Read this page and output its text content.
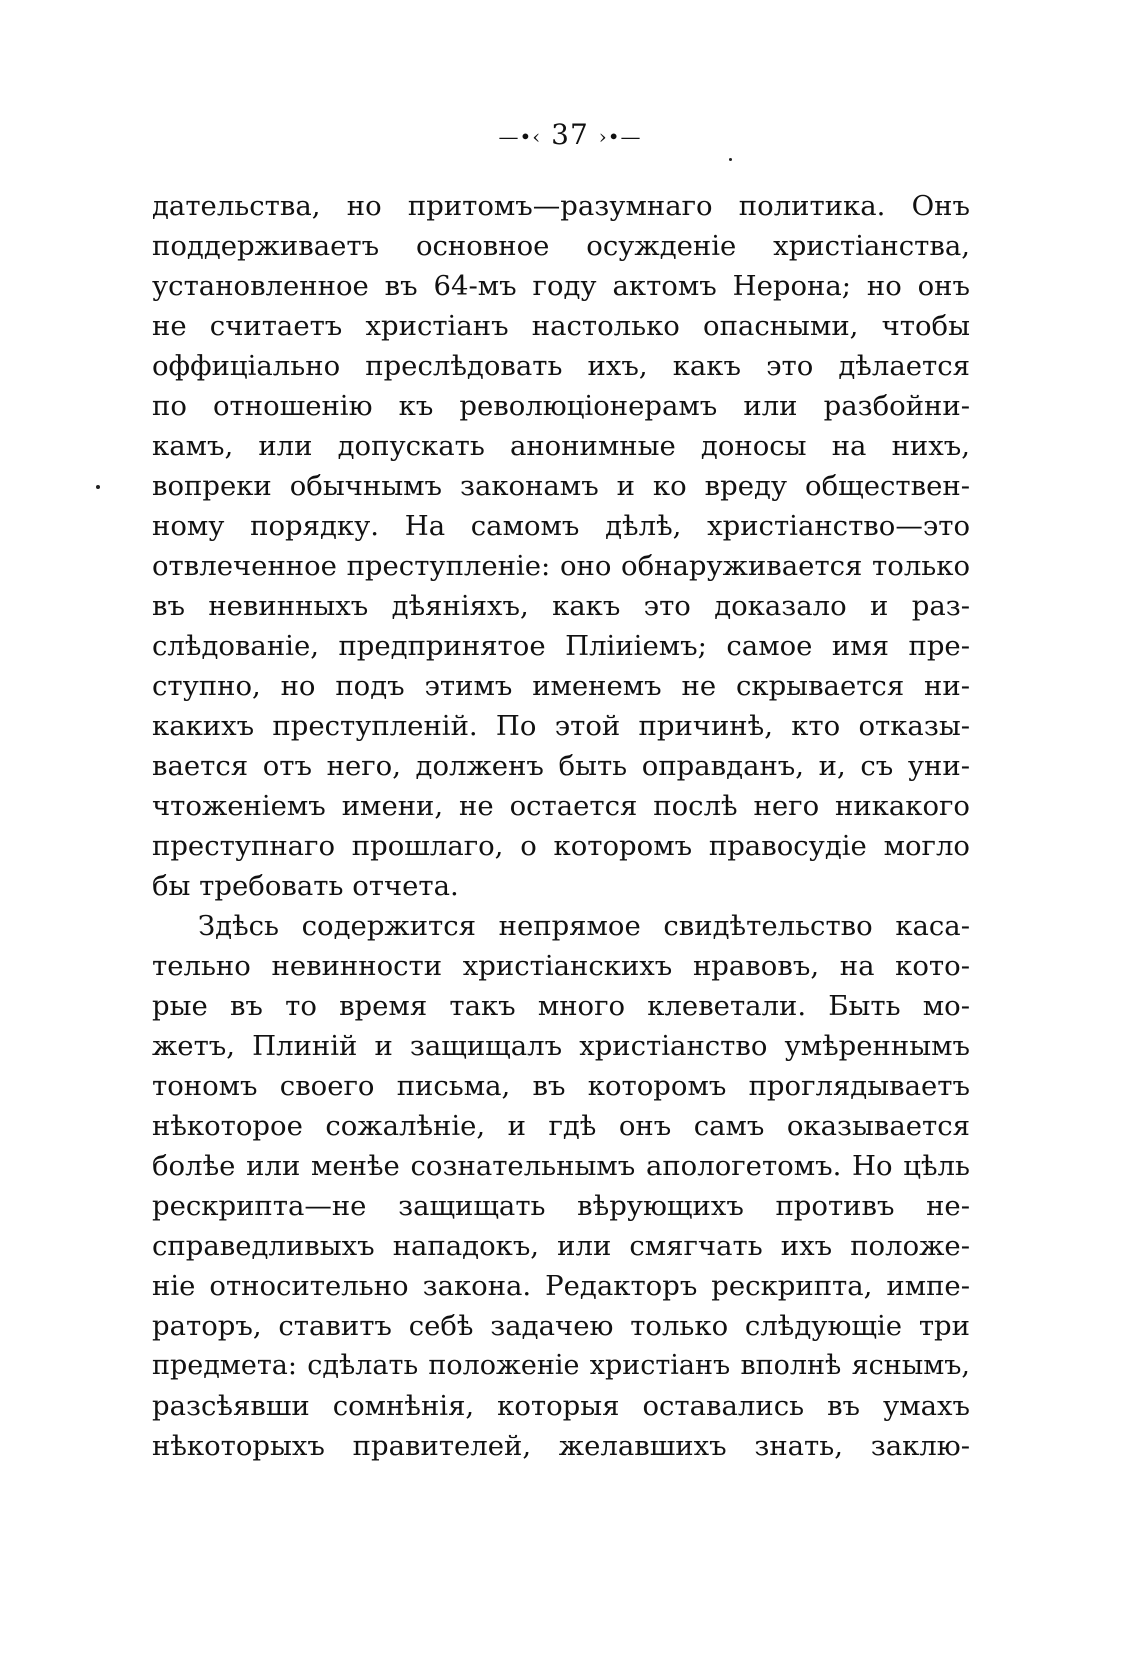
—•‹ 37 ›•—
дательства, но притомъ—разумнаго политика. Онъ
поддерживаетъ основное осужденіе христіанства,
установленное въ 64-мъ году актомъ Нерона; но онъ
не считаетъ христіанъ настолько опасными, чтобы
оффиціально преслѣдовать ихъ, какъ это дѣлается
по отношенію къ революціонерамъ или разбойни-
камъ, или допускать анонимные доносы на нихъ,
вопреки обычнымъ законамъ и ко вреду обществен-
ному порядку. На самомъ дѣлѣ, христіанство—это
отвлеченное преступленіе: оно обнаруживается только
въ невинныхъ дѣяніяхъ, какъ это доказало и раз-
слѣдованіе, предпринятое Пліиіемъ; самое имя пре-
ступно, но подъ этимъ именемъ не скрывается ни-
какихъ преступленій. По этой причинѣ, кто отказы-
вается отъ него, долженъ быть оправданъ, и, съ уни-
чтоженіемъ имени, не остается послѣ него никакого
преступнаго прошлаго, о которомъ правосудіе могло
бы требовать отчета.
Здѣсь содержится непрямое свидѣтельство каса-
тельно невинности христіанскихъ нравовъ, на кото-
рые въ то время такъ много клеветали. Быть мо-
жетъ, Плиній и защищалъ христіанство умѣреннымъ
тономъ своего письма, въ которомъ проглядываетъ
нѣкоторое сожалѣніе, и гдѣ онъ самъ оказывается
болѣе или менѣе сознательнымъ апологетомъ. Но цѣль
рескрипта—не защищать вѣрующихъ противъ не-
справедливыхъ нападокъ, или смягчать ихъ положе-
ніе относительно закона. Редакторъ рескрипта, импе-
раторъ, ставитъ себѣ задачею только слѣдующіе три
предмета: сдѣлать положеніе христіанъ вполнѣ яснымъ,
разсѣявши сомнѣнія, которыя оставались въ умахъ
нѣкоторыхъ правителей, желавшихъ знать, заклю-
